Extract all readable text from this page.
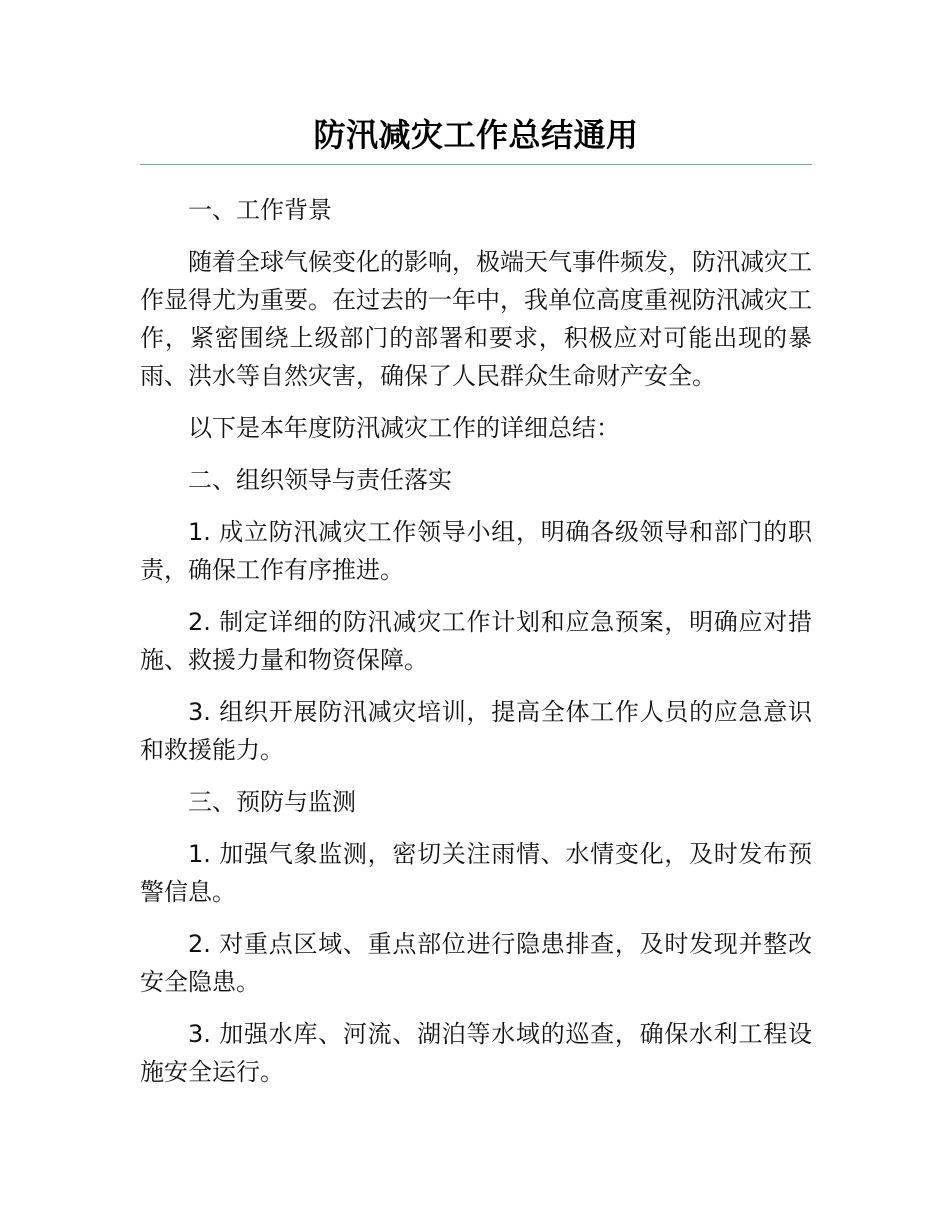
防汛减灾工作总结通用

一、工作背景

随着全球气候变化的影响，极端天气事件频发，防汛减灾工作显得尤为重要。在过去的一年中，我单位高度重视防汛减灾工作，紧密围绕上级部门的部署和要求，积极应对可能出现的暴雨、洪水等自然灾害，确保了人民群众生命财产安全。

以下是本年度防汛减灾工作的详细总结：

二、组织领导与责任落实

1. 成立防汛减灾工作领导小组，明确各级领导和部门的职责，确保工作有序推进。

2. 制定详细的防汛减灾工作计划和应急预案，明确应对措施、救援力量和物资保障。

3. 组织开展防汛减灾培训，提高全体工作人员的应急意识和救援能力。

三、预防与监测

1. 加强气象监测，密切关注雨情、水情变化，及时发布预警信息。

2. 对重点区域、重点部位进行隐患排查，及时发现并整改安全隐患。

3. 加强水库、河流、湖泊等水域的巡查，确保水利工程设施安全运行。
